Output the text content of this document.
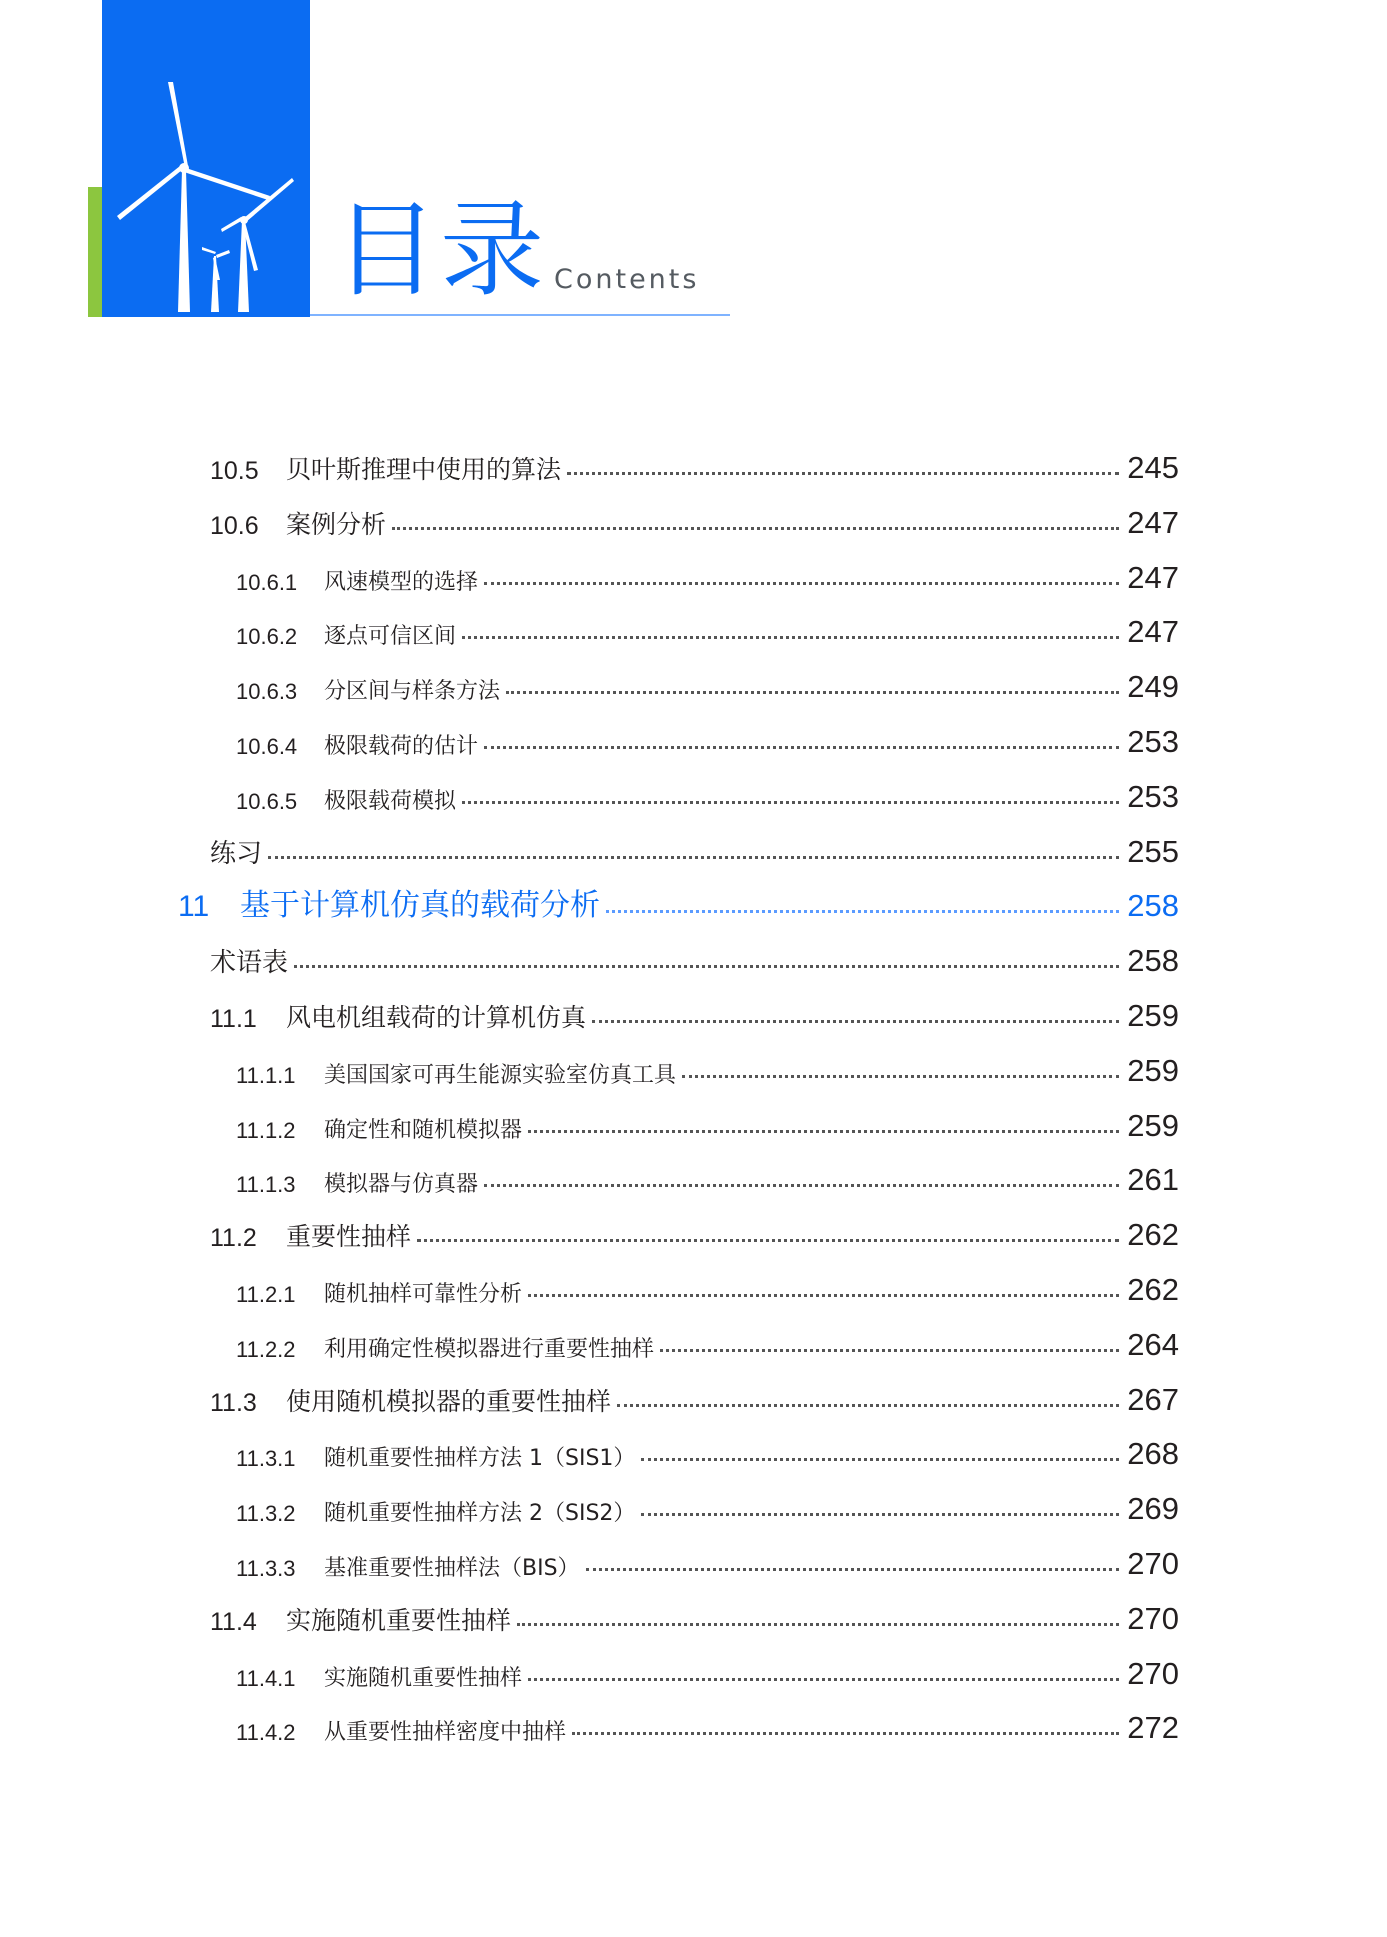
目录 Contents
10.5	贝叶斯推理中使用的算法	245
10.6	案例分析	247
10.6.1	风速模型的选择	247
10.6.2	逐点可信区间	247
10.6.3	分区间与样条方法	249
10.6.4	极限载荷的估计	253
10.6.5	极限载荷模拟	253
练习	255
11	基于计算机仿真的载荷分析	258
术语表	258
11.1	风电机组载荷的计算机仿真	259
11.1.1	美国国家可再生能源实验室仿真工具	259
11.1.2	确定性和随机模拟器	259
11.1.3	模拟器与仿真器	261
11.2	重要性抽样	262
11.2.1	随机抽样可靠性分析	262
11.2.2	利用确定性模拟器进行重要性抽样	264
11.3	使用随机模拟器的重要性抽样	267
11.3.1	随机重要性抽样方法 1（SIS1）	268
11.3.2	随机重要性抽样方法 2（SIS2）	269
11.3.3	基准重要性抽样法（BIS）	270
11.4	实施随机重要性抽样	270
11.4.1	实施随机重要性抽样	270
11.4.2	从重要性抽样密度中抽样	272
